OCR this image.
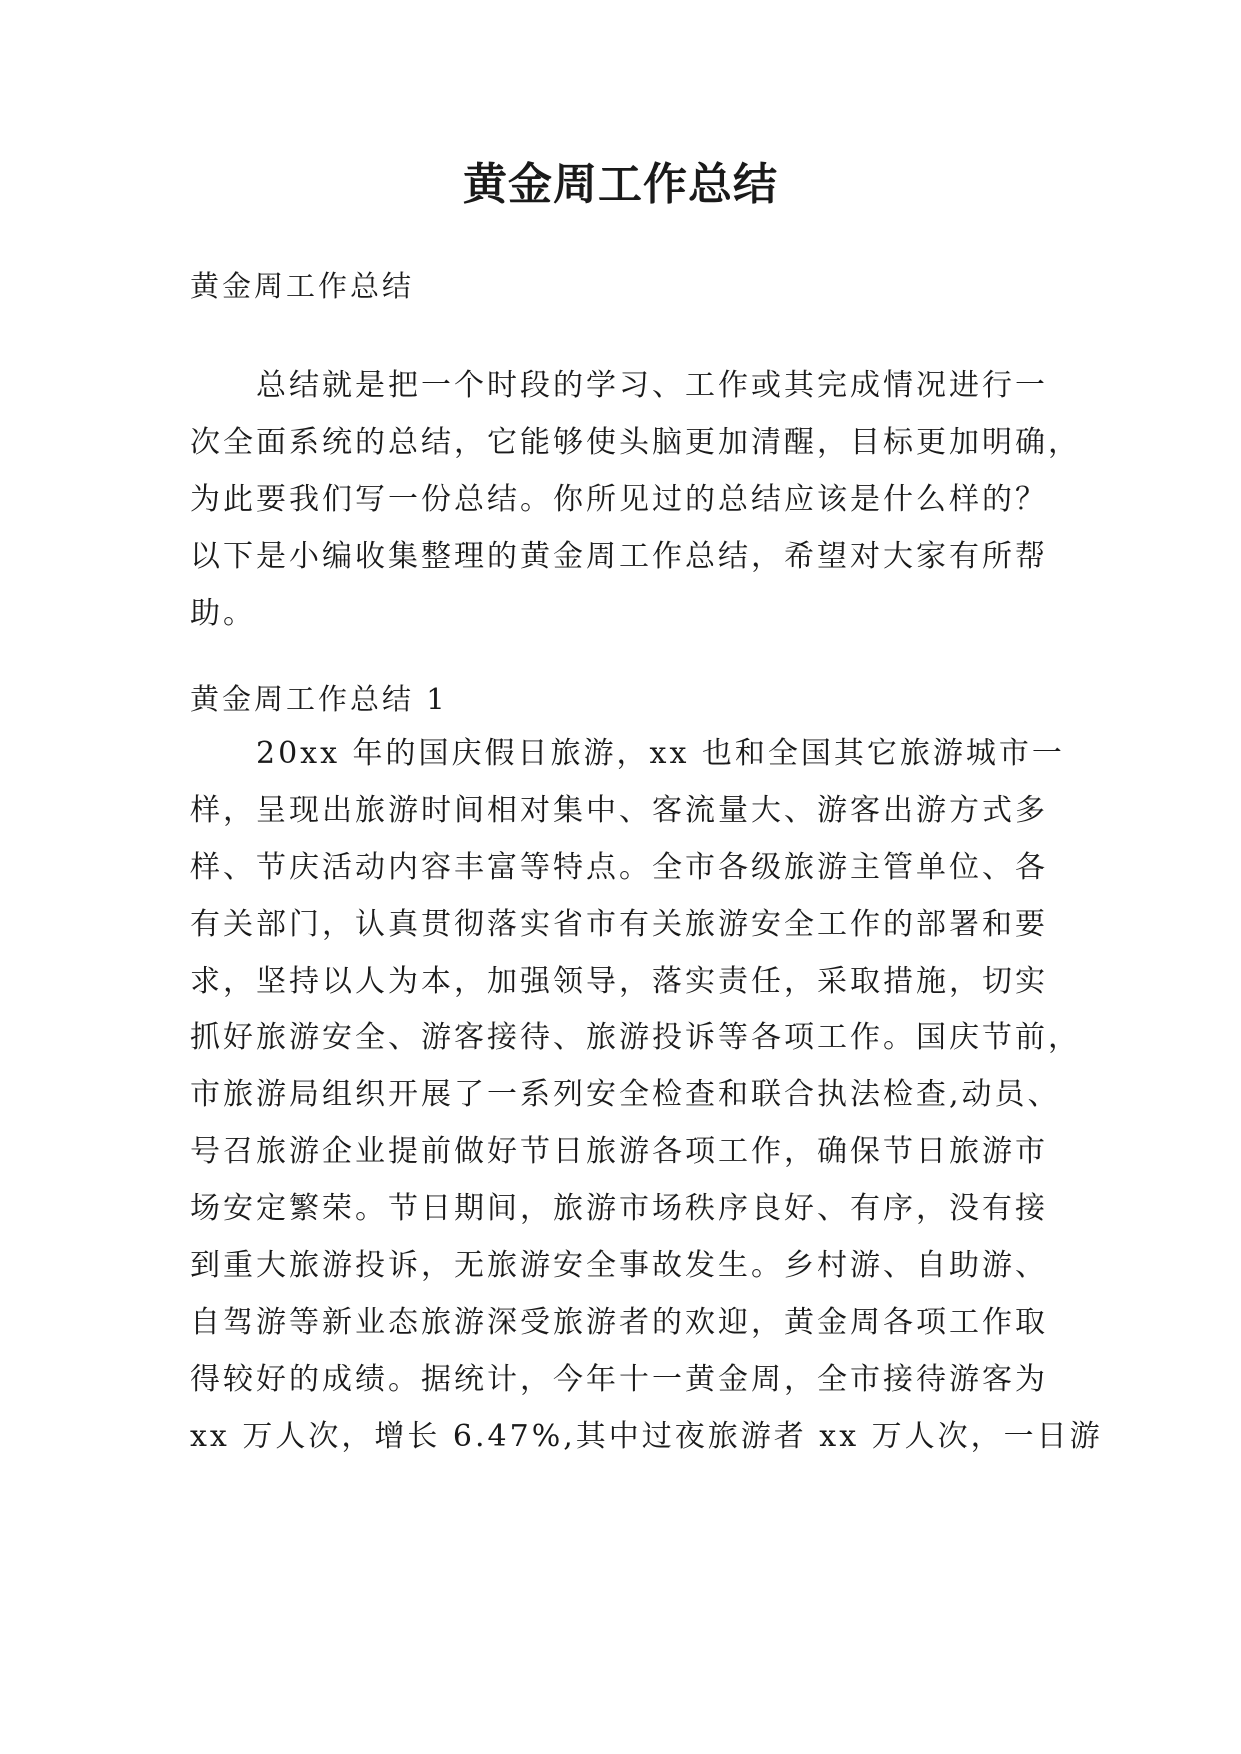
黄金周工作总结

黄金周工作总结

总结就是把一个时段的学习、工作或其完成情况进行一
次全面系统的总结，它能够使头脑更加清醒，目标更加明确，
为此要我们写一份总结。你所见过的总结应该是什么样的？
以下是小编收集整理的黄金周工作总结，希望对大家有所帮
助。

黄金周工作总结 1

20xx 年的国庆假日旅游，xx 也和全国其它旅游城市一
样，呈现出旅游时间相对集中、客流量大、游客出游方式多
样、节庆活动内容丰富等特点。全市各级旅游主管单位、各
有关部门，认真贯彻落实省市有关旅游安全工作的部署和要
求，坚持以人为本，加强领导，落实责任，采取措施，切实
抓好旅游安全、游客接待、旅游投诉等各项工作。国庆节前，
市旅游局组织开展了一系列安全检查和联合执法检查,动员、
号召旅游企业提前做好节日旅游各项工作，确保节日旅游市
场安定繁荣。节日期间，旅游市场秩序良好、有序，没有接
到重大旅游投诉，无旅游安全事故发生。乡村游、自助游、
自驾游等新业态旅游深受旅游者的欢迎，黄金周各项工作取
得较好的成绩。据统计，今年十一黄金周，全市接待游客为
xx 万人次，增长 6.47%,其中过夜旅游者 xx 万人次，一日游
